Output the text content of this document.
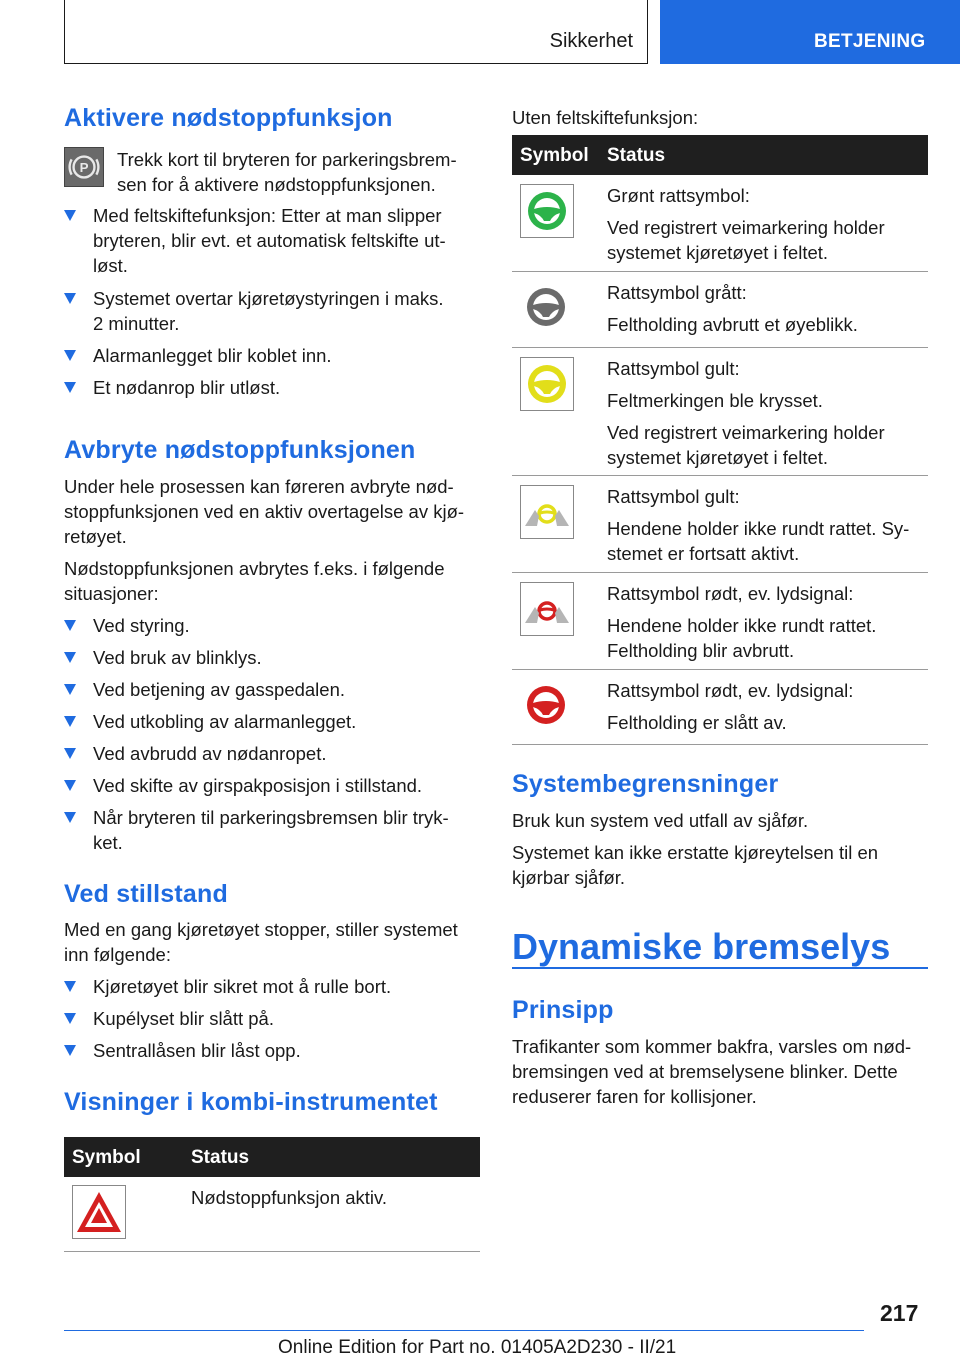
Sikkerhet	BETJENING
Aktivere nødstoppfunksjon
P Trekk kort til bryteren for parkeringsbrem-
sen for å aktivere nødstoppfunksjonen.
Med feltskiftefunksjon: Etter at man slipper
bryteren, blir evt. et automatisk feltskifte ut-
løst.
Systemet overtar kjøretøystyringen i maks.
2 minutter.
Alarmanlegget blir koblet inn.
Et nødanrop blir utløst.
Avbryte nødstoppfunksjonen
Under hele prosessen kan føreren avbryte nød-
stoppfunksjonen ved en aktiv overtagelse av kjø-
retøyet.
Nødstoppfunksjonen avbrytes f.eks. i følgende
situasjoner:
Ved styring.
Ved bruk av blinklys.
Ved betjening av gasspedalen.
Ved utkobling av alarmanlegget.
Ved avbrudd av nødanropet.
Ved skifte av girspakposisjon i stillstand.
Når bryteren til parkeringsbremsen blir tryk-
ket.
Ved stillstand
Med en gang kjøretøyet stopper, stiller systemet
inn følgende:
Kjøretøyet blir sikret mot å rulle bort.
Kupélyset blir slått på.
Sentrallåsen blir låst opp.
Visninger i kombi-instrumentet
Symbol	Status
Nødstoppfunksjon aktiv.
Uten feltskiftefunksjon:
Symbol Status
Grønt rattsymbol:
Ved registrert veimarkering holder
systemet kjøretøyet i feltet.
Rattsymbol grått:
Feltholding avbrutt et øyeblikk.
Rattsymbol gult:
Feltmerkingen ble krysset.
Ved registrert veimarkering holder
systemet kjøretøyet i feltet.
Rattsymbol gult:
Hendene holder ikke rundt rattet. Sy-
stemet er fortsatt aktivt.
Rattsymbol rødt, ev. lydsignal:
Hendene holder ikke rundt rattet.
Feltholding blir avbrutt.
Rattsymbol rødt, ev. lydsignal:
Feltholding er slått av.
Systembegrensninger
Bruk kun system ved utfall av sjåfør.
Systemet kan ikke erstatte kjøreytelsen til en
kjørbar sjåfør.
Dynamiske bremselys
Prinsipp
Trafikanter som kommer bakfra, varsles om nød-
bremsingen ved at bremselysene blinker. Dette
reduserer faren for kollisjoner.
217
Online Edition for Part no. 01405A2D230 - II/21
